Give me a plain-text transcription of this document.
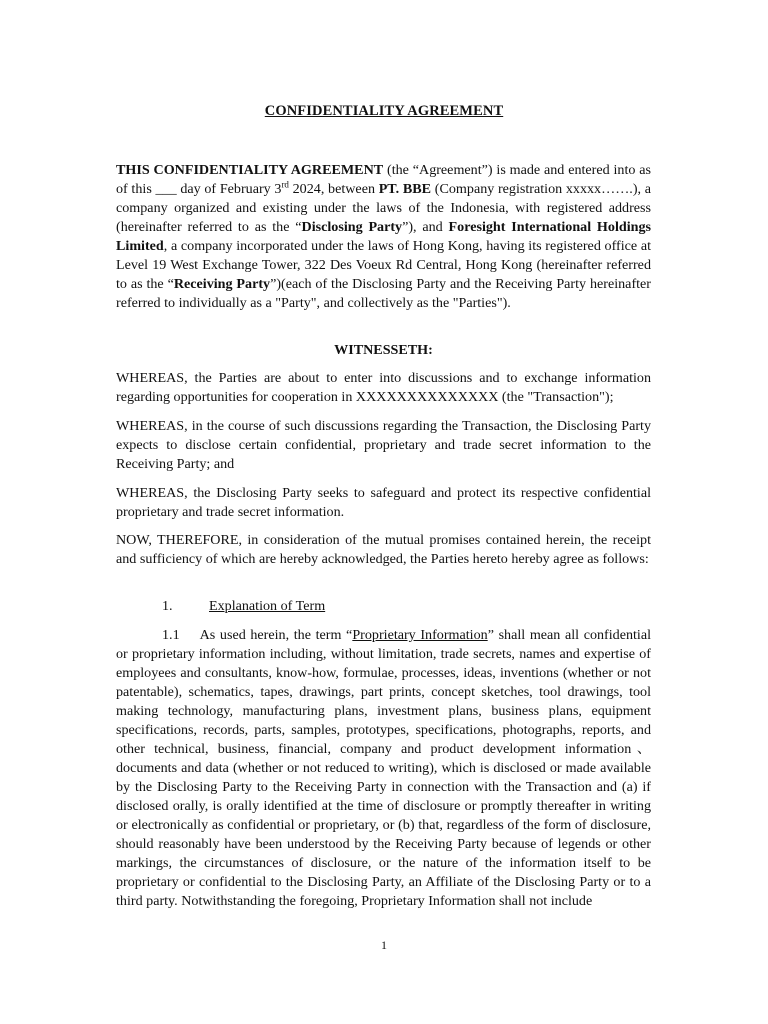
CONFIDENTIALITY AGREEMENT
THIS CONFIDENTIALITY AGREEMENT (the “Agreement”) is made and entered into as of this ___ day of February 3rd 2024, between PT. BBE (Company registration xxxxx…….), a company organized and existing under the laws of the Indonesia, with registered address (hereinafter referred to as the “Disclosing Party”), and Foresight International Holdings Limited, a company incorporated under the laws of Hong Kong, having its registered office at Level 19 West Exchange Tower, 322 Des Voeux Rd Central, Hong Kong (hereinafter referred to as the “Receiving Party”)(each of the Disclosing Party and the Receiving Party hereinafter referred to individually as a "Party", and collectively as the "Parties").
WITNESSETH:
WHEREAS, the Parties are about to enter into discussions and to exchange information regarding opportunities for cooperation in XXXXXXXXXXXXXX (the "Transaction");
WHEREAS, in the course of such discussions regarding the Transaction, the Disclosing Party expects to disclose certain confidential, proprietary and trade secret information to the Receiving Party; and
WHEREAS, the Disclosing Party seeks to safeguard and protect its respective confidential proprietary and trade secret information.
NOW, THEREFORE, in consideration of the mutual promises contained herein, the receipt and sufficiency of which are hereby acknowledged, the Parties hereto hereby agree as follows:
1.	Explanation of Term
1.1 As used herein, the term “Proprietary Information” shall mean all confidential or proprietary information including, without limitation, trade secrets, names and expertise of employees and consultants, know-how, formulae, processes, ideas, inventions (whether or not patentable), schematics, tapes, drawings, part prints, concept sketches, tool drawings, tool making technology, manufacturing plans, investment plans, business plans, equipment specifications, records, parts, samples, prototypes, specifications, photographs, reports, and other technical, business, financial, company and product development information、 documents and data (whether or not reduced to writing), which is disclosed or made available by the Disclosing Party to the Receiving Party in connection with the Transaction and (a) if disclosed orally, is orally identified at the time of disclosure or promptly thereafter in writing or electronically as confidential or proprietary, or (b) that, regardless of the form of disclosure, should reasonably have been understood by the Receiving Party because of legends or other markings, the circumstances of disclosure, or the nature of the information itself to be proprietary or confidential to the Disclosing Party, an Affiliate of the Disclosing Party or to a third party. Notwithstanding the foregoing, Proprietary Information shall not include
1
